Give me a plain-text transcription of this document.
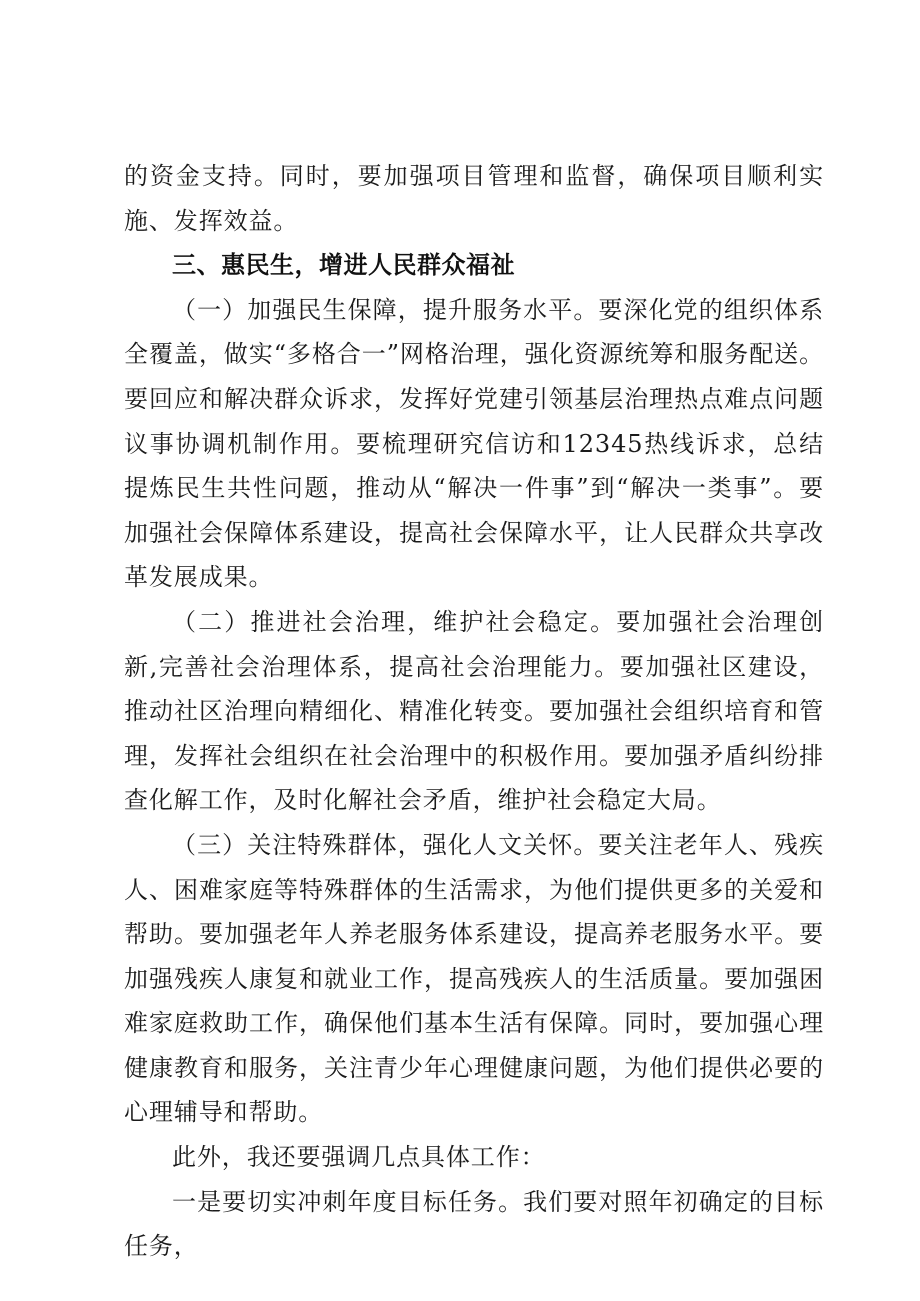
的资金支持。同时，要加强项目管理和监督，确保项目顺利实施、发挥效益。

三、惠民生，增进人民群众福祉

（一）加强民生保障，提升服务水平。要深化党的组织体系全覆盖，做实“多格合一”网格治理，强化资源统筹和服务配送。要回应和解决群众诉求，发挥好党建引领基层治理热点难点问题议事协调机制作用。要梳理研究信访和12345热线诉求，总结提炼民生共性问题，推动从“解决一件事”到“解决一类事”。要加强社会保障体系建设，提高社会保障水平，让人民群众共享改革发展成果。

（二）推进社会治理，维护社会稳定。要加强社会治理创新,完善社会治理体系，提高社会治理能力。要加强社区建设，推动社区治理向精细化、精准化转变。要加强社会组织培育和管理，发挥社会组织在社会治理中的积极作用。要加强矛盾纠纷排查化解工作，及时化解社会矛盾，维护社会稳定大局。

（三）关注特殊群体，强化人文关怀。要关注老年人、残疾人、困难家庭等特殊群体的生活需求，为他们提供更多的关爱和帮助。要加强老年人养老服务体系建设，提高养老服务水平。要加强残疾人康复和就业工作，提高残疾人的生活质量。要加强困难家庭救助工作，确保他们基本生活有保障。同时，要加强心理健康教育和服务，关注青少年心理健康问题，为他们提供必要的心理辅导和帮助。

此外，我还要强调几点具体工作：

一是要切实冲刺年度目标任务。我们要对照年初确定的目标任务，
